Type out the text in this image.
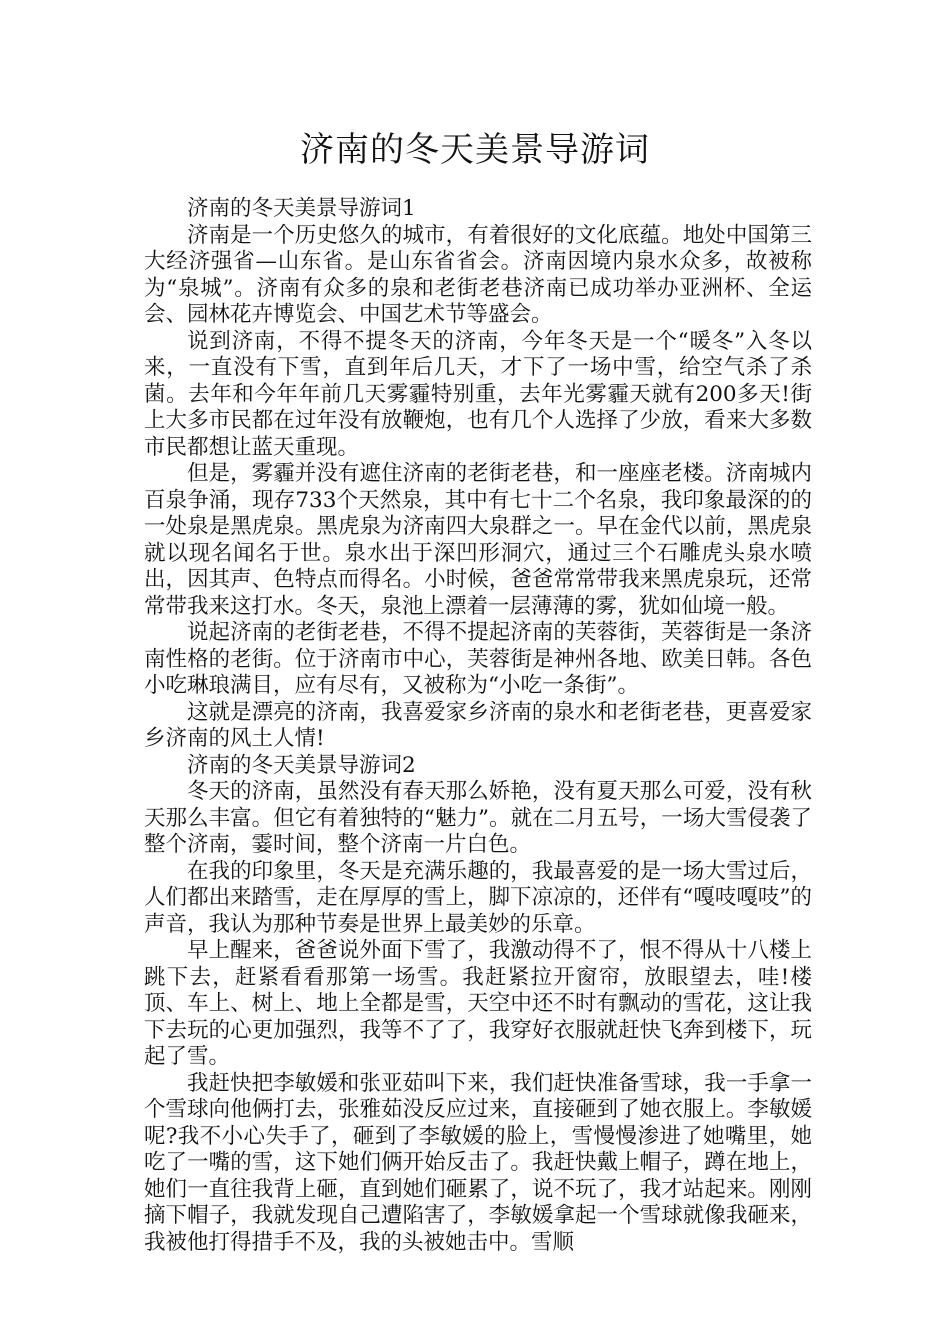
济南的冬天美景导游词

济南的冬天美景导游词1

济南是一个历史悠久的城市，有着很好的文化底蕴。地处中国第三大经济强省—山东省。是山东省省会。济南因境内泉水众多，故被称为“泉城”。济南有众多的泉和老街老巷济南已成功举办亚洲杯、全运会、园林花卉博览会、中国艺术节等盛会。

说到济南，不得不提冬天的济南，今年冬天是一个“暖冬”入冬以来，一直没有下雪，直到年后几天，才下了一场中雪，给空气杀了杀菌。去年和今年年前几天雾霾特别重，去年光雾霾天就有200多天!街上大多市民都在过年没有放鞭炮，也有几个人选择了少放，看来大多数市民都想让蓝天重现。

但是，雾霾并没有遮住济南的老街老巷，和一座座老楼。济南城内百泉争涌，现存733个天然泉，其中有七十二个名泉，我印象最深的的一处泉是黑虎泉。黑虎泉为济南四大泉群之一。早在金代以前，黑虎泉就以现名闻名于世。泉水出于深凹形洞穴，通过三个石雕虎头泉水喷出，因其声、色特点而得名。小时候，爸爸常常带我来黑虎泉玩，还常常带我来这打水。冬天，泉池上漂着一层薄薄的雾，犹如仙境一般。

说起济南的老街老巷，不得不提起济南的芙蓉街，芙蓉街是一条济南性格的老街。位于济南市中心，芙蓉街是神州各地、欧美日韩。各色小吃琳琅满目，应有尽有，又被称为“小吃一条街”。

这就是漂亮的济南，我喜爱家乡济南的泉水和老街老巷，更喜爱家乡济南的风土人情!

济南的冬天美景导游词2

冬天的济南，虽然没有春天那么娇艳，没有夏天那么可爱，没有秋天那么丰富。但它有着独特的“魅力”。就在二月五号，一场大雪侵袭了整个济南，霎时间，整个济南一片白色。

在我的印象里，冬天是充满乐趣的，我最喜爱的是一场大雪过后，人们都出来踏雪，走在厚厚的雪上，脚下凉凉的，还伴有“嘎吱嘎吱”的声音，我认为那种节奏是世界上最美妙的乐章。

早上醒来，爸爸说外面下雪了，我激动得不了，恨不得从十八楼上跳下去，赶紧看看那第一场雪。我赶紧拉开窗帘，放眼望去，哇!楼顶、车上、树上、地上全都是雪，天空中还不时有飘动的雪花，这让我下去玩的心更加强烈，我等不了了，我穿好衣服就赶快飞奔到楼下，玩起了雪。

我赶快把李敏媛和张亚茹叫下来，我们赶快准备雪球，我一手拿一个雪球向他俩打去，张雅茹没反应过来，直接砸到了她衣服上。李敏媛呢?我不小心失手了，砸到了李敏媛的脸上，雪慢慢渗进了她嘴里，她吃了一嘴的雪，这下她们俩开始反击了。我赶快戴上帽子，蹲在地上，她们一直往我背上砸，直到她们砸累了，说不玩了，我才站起来。刚刚摘下帽子，我就发现自己遭陷害了，李敏媛拿起一个雪球就像我砸来，我被他打得措手不及，我的头被她击中。雪顺
